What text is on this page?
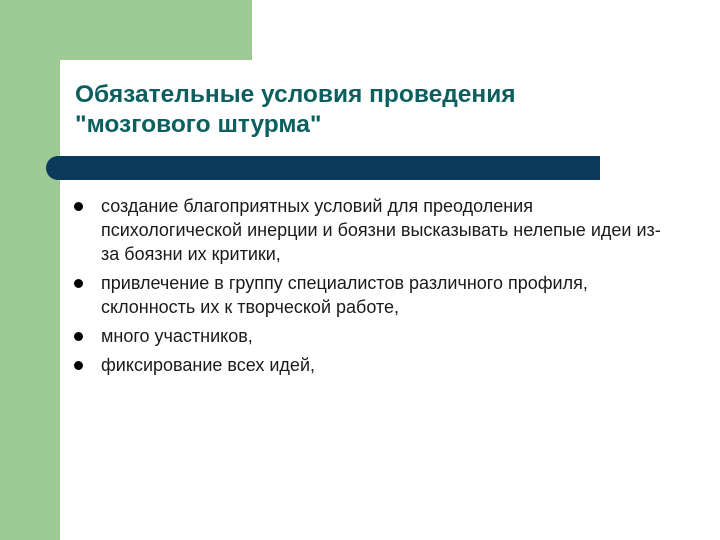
Обязательные условия проведения
"мозгового штурма"
создание благоприятных условий для преодоления психологической инерции и боязни высказывать нелепые идеи из-за боязни их критики,
привлечение в группу специалистов различного профиля, склонность их к творческой работе,
много участников,
фиксирование всех идей,
